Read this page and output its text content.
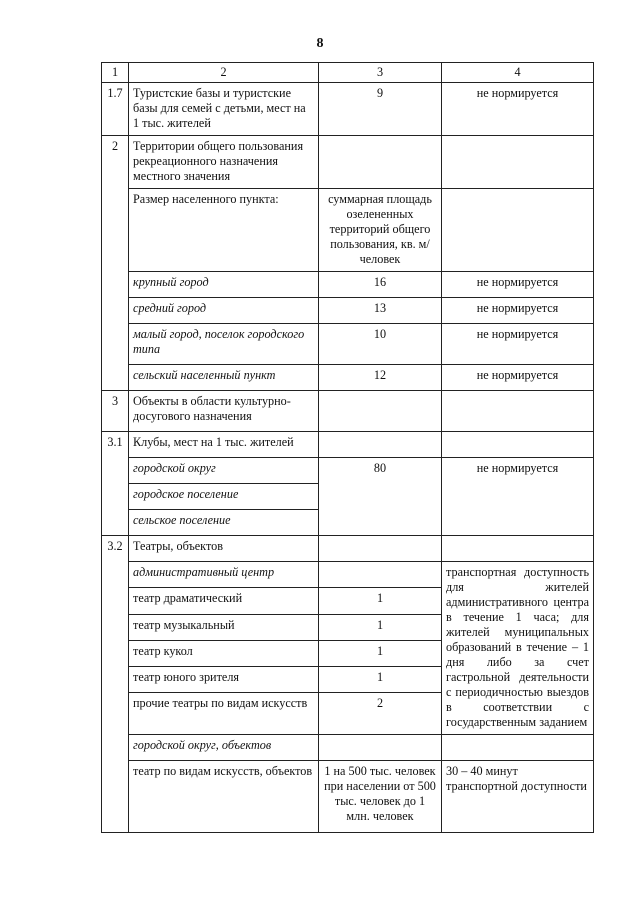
8
1	2	3	4
1.7	Туристские базы и туристские базы для семей с детьми, мест на 1 тыс. жителей	9	не нормируется
2	Территории общего пользования рекреационного назначения местного значения		
	Размер населенного пункта:	суммарная площадь озелененных территорий общего пользования, кв. м/человек	
	крупный город	16	не нормируется
	средний город	13	не нормируется
	малый город, поселок городского типа	10	не нормируется
	сельский населенный пункт	12	не нормируется
3	Объекты в области культурно-досугового назначения		
3.1	Клубы, мест на 1 тыс. жителей		
	городской округ	80	не нормируется
	городское поселение		
	сельское поселение		
3.2	Театры, объектов		
	административный центр		транспортная доступность для жителей административного центра в течение 1 часа; для жителей муниципальных образований в течение – 1 дня либо за счет гастрольной деятельности с периодичностью выездов в соответствии с государственным заданием
	театр драматический	1	
	театр музыкальный	1	
	театр кукол	1	
	театр юного зрителя	1	
	прочие театры по видам искусств	2	
	городской округ, объектов		
	театр по видам искусств, объектов	1 на 500 тыс. человек при населении от 500 тыс. человек до 1 млн. человек	30 – 40 минут транспортной доступности
